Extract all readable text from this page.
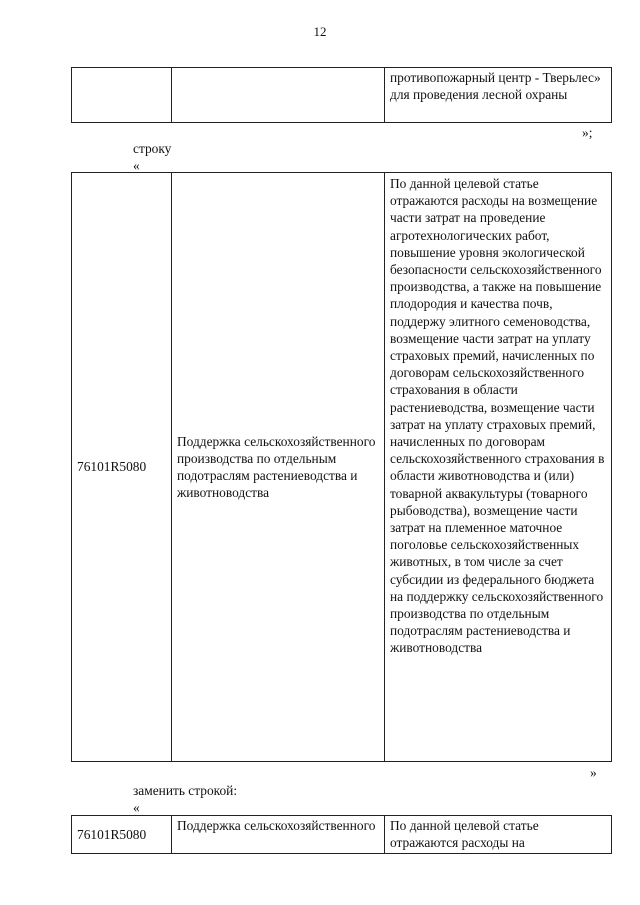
12
		противопожарный центр - Тверьлес» для проведения лесной охраны
»;
строку
«
76101R5080	Поддержка сельскохозяйственного производства по отдельным подотраслям растениеводства и животноводства	По данной целевой статье отражаются расходы на возмещение части затрат на проведение агротехнологических работ, повышение уровня экологической безопасности сельскохозяйственного производства, а также на повышение плодородия и качества почв, поддержу элитного семеноводства, возмещение части затрат на уплату страховых премий, начисленных по договорам сельскохозяйственного страхования в области растениеводства, возмещение части затрат на уплату страховых премий, начисленных по договорам сельскохозяйственного страхования в области животноводства и (или) товарной аквакультуры (товарного рыбоводства), возмещение части затрат на племенное маточное поголовье сельскохозяйственных животных, в том числе за счет субсидии из федерального бюджета на поддержку сельскохозяйственного производства по отдельным подотраслям растениеводства и животноводства
»
заменить строкой:
«
76101R5080	Поддержка сельскохозяйственного	По данной целевой статье отражаются расходы на
